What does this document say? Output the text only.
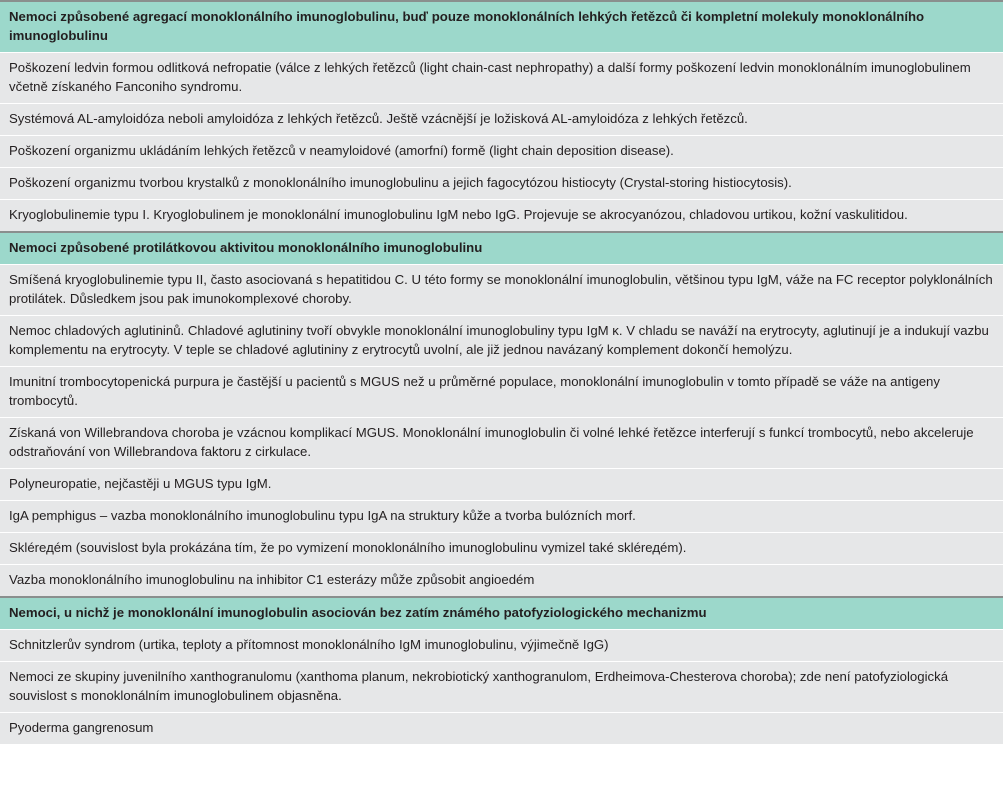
Nemoci způsobené agregací monoklonálního imunoglobulinu, buď pouze monoklonálních lehkých řetězců či kompletní molekuly monoklonálního imunoglobulinu
Poškození ledvin formou odlitková nefropatie (válce z lehkých řetězců (light chain-cast nephropathy) a další formy poškození ledvin monoklonálním imunoglobulinem včetně získaného Fanconiho syndromu.
Systémová AL-amyloidóza neboli amyloidóza z lehkých řetězců. Ještě vzácnější je ložisková AL-amyloidóza z lehkých řetězců.
Poškození organizmu ukládáním lehkých řetězců v neamyloidové (amorfní) formě (light chain deposition disease).
Poškození organizmu tvorbou krystalků z monoklonálního imunoglobulinu a jejich fagocytózou histiocyty (Crystal-storing histiocytosis).
Kryoglobulinemie typu I. Kryoglobulinem je monoklonální imunoglobulinu IgM nebo IgG. Projevuje se akrocyanózou, chladovou urtikou, kožní vaskulitidou.
Nemoci způsobené protilátkovou aktivitou monoklonálního imunoglobulinu
Smíšená kryoglobulinemie typu II, často asociovaná s hepatitidou C. U této formy se monoklonální imunoglobulin, většinou typu IgM, váže na FC receptor polyklonálních protilátek. Důsledkem jsou pak imunokomplexové choroby.
Nemoc chladových aglutininů. Chladové aglutininy tvoří obvykle monoklonální imunoglobuliny typu IgM κ. V chladu se naváží na erytrocyty, aglutinují je a indukují vazbu komplementu na erytrocyty. V teple se chladové aglutininy z erytrocytů uvolní, ale již jednou navázaný komplement dokončí hemolýzu.
Imunitní trombocytopenická purpura je častější u pacientů s MGUS než u průměrné populace, monoklonální imunoglobulin v tomto případě se váže na antigeny trombocytů.
Získaná von Willebrandova choroba je vzácnou komplikací MGUS. Monoklonální imunoglobulin či volné lehké řetězce interferují s funkcí trombocytů, nebo akceleruje odstraňování von Willebrandova faktoru z cirkulace.
Polyneuropatie, nejčastěji u MGUS typu IgM.
IgA pemphigus – vazba monoklonálního imunoglobulinu typu IgA na struktury kůže a tvorba bulózních morf.
Sklérедém (souvislost byla prokázána tím, že po vymizení monoklonálního imunoglobulinu vymizel také sklérедém).
Vazba monoklonálního imunoglobulinu na inhibitor C1 esterázy může způsobit angioedém
Nemoci, u nichž je monoklonální imunoglobulin asociován bez zatím známého patofyziologického mechanizmu
Schnitzlerův syndrom (urtika, teploty a přítomnost monoklonálního IgM imunoglobulinu, výjimečně IgG)
Nemoci ze skupiny juvenilního xanthogranulomu (xanthoma planum, nekrobiotický xanthogranulom, Erdheimova-Chesterova choroba); zde není patofyziologická souvislost s monoklonálním imunoglobulinem objasněna.
Pyoderma gangrenosum
